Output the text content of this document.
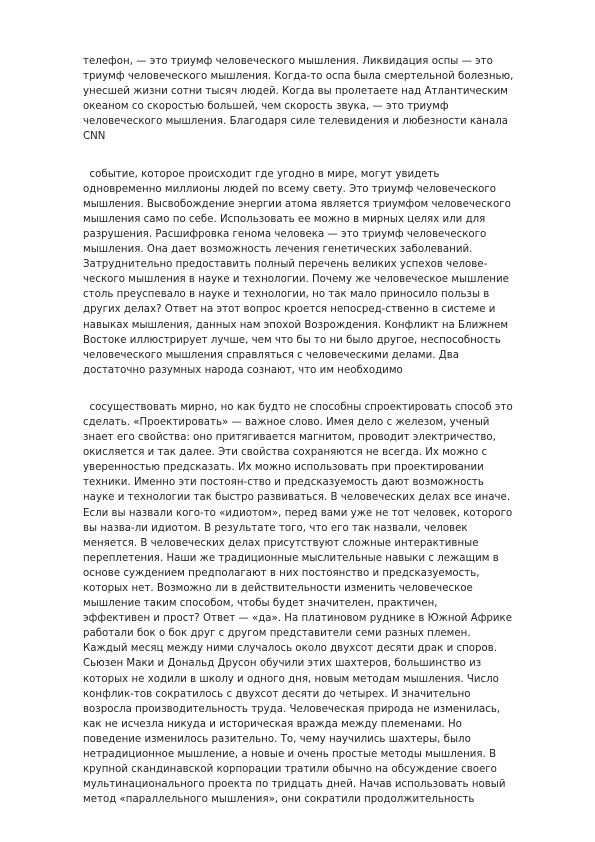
телефон, — это триумф человеческого мышления. Ликвидация оспы — это
триумф человеческого мышления. Когда-то оспа была смертельной болезнью,
унесшей жизни сотни тысяч людей. Когда вы пролетаете над Атлантическим
океаном со скоростью большей, чем скорость звука, — это триумф
человеческого мышления. Благодаря силе телевидения и любезности канала
CNN
событие, которое происходит где угодно в мире, могут увидеть
одновременно миллионы людей по всему свету. Это триумф человеческого
мышления. Высвобождение энергии атома является триумфом человеческого
мышления само по себе. Использовать ее можно в мирных целях или для
разрушения. Расшифровка генома человека — это триумф человеческого
мышления. Она дает возможность лечения генетических заболеваний.
Затруднительно предоставить полный перечень великих успехов челове-
ческого мышления в науке и технологии. Почему же человеческое мышление
столь преуспевало в науке и технологии, но так мало приносило пользы в
других делах? Ответ на этот вопрос кроется непосред-ственно в системе и
навыках мышления, данных нам эпохой Возрождения. Конфликт на Ближнем
Востоке иллюстрирует лучше, чем что бы то ни было другое, неспособность
человеческого мышления справляться с человеческими делами. Два
достаточно разумных народа сознают, что им необходимо
сосуществовать мирно, но как будто не способны спроектировать способ это
сделать. «Проектировать» — важное слово. Имея дело с железом, ученый
знает его свойства: оно притягивается магнитом, проводит электричество,
окисляется и так далее. Эти свойства сохраняются не всегда. Их можно с
уверенностью предсказать. Их можно использовать при проектировании
техники. Именно эти постоян-ство и предсказуемость дают возможность
науке и технологии так быстро развиваться. В человеческих делах все иначе.
Если вы назвали кого-то «идиотом», перед вами уже не тот человек, которого
вы назва-ли идиотом. В результате того, что его так назвали, человек
меняется. В человеческих делах присутствуют сложные интерактивные
переплетения. Наши же традиционные мыслительные навыки с лежащим в
основе суждением предполагают в них постоянство и предсказуемость,
которых нет. Возможно ли в действительности изменить человеческое
мышление таким способом, чтобы будет значителен, практичен,
эффективен и прост? Ответ — «да». На платиновом руднике в Южной Африке
работали бок о бок друг с другом представители семи разных племен.
Каждый месяц между ними случалось около двухсот десяти драк и споров.
Сьюзен Маки и Дональд Друсон обучили этих шахтеров, большинство из
которых не ходили в школу и одного дня, новым методам мышления. Число
конфлик-тов сократилось с двухсот десяти до четырех. И значительно
возросла производительность труда. Человеческая природа не изменилась,
как не исчезла никуда и историческая вражда между племенами. Но
поведение изменилось разительно. То, чему научились шахтеры, было
нетрадиционное мышление, а новые и очень простые методы мышления. В
крупной скандинавской корпорации тратили обычно на обсуждение своего
мультинационального проекта по тридцать дней. Начав использовать новый
метод «параллельного мышления», они сократили продолжительность
